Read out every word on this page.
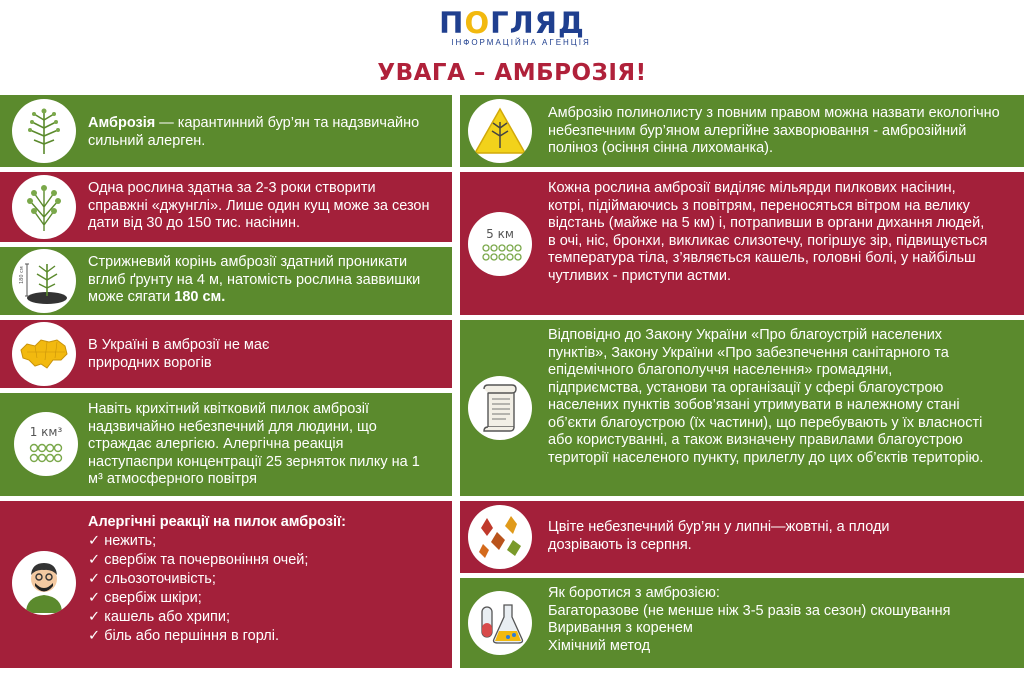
ПОГЛЯД
ІНФОРМАЦІЙНА АГЕНЦІЯ
УВАГА – АМБРОЗІЯ!
Амброзія — карантинний бур’ян та надзвичайно сильний алерген.
Одна рослина здатна за 2-3 роки створити справжні «джунглі». Лише один кущ може за сезон дати від 30 до 150 тис. насінин.
180 см
Стрижневий корінь амброзії здатний проникати вглиб ґрунту на 4 м, натомість рослина заввишки може сягати 180 см.
В Україні в амброзії не має природних ворогів
1 км³
Навіть крихітний квітковий пилок амброзії надзвичайно небезпечний для людини, що страждає алергією. Алергічна реакція наступаєпри концентрації 25 зерняток пилку на 1 м³ атмосферного повітря
Алергічні реакції на пилок амброзії:
✓ нежить;
✓ свербіж та почервоніння очей;
✓ сльозоточивість;
✓ свербіж шкіри;
✓ кашель або хрипи;
✓ біль або першіння в горлі.
Амброзію полинолисту з повним правом можна назвати екологічно небезпечним бур’яном алергійне захворювання - амброзійний поліноз (осіння сінна лихоманка).
5 км
Кожна рослина амброзії виділяє мільярди пилкових насінин, котрі, підіймаючись з повітрям, переносяться вітром на велику відстань (майже на 5 км) і, потрапивши в органи дихання людей, в очі, ніс, бронхи, викликає слизотечу, погіршує зір, підвищується температура тіла, з’являється кашель, головні болі, у найбільш чутливих - приступи астми.
Відповідно до Закону України «Про благоустрій населених пунктів», Закону України «Про забезпечення санітарного та епідемічного благополуччя населення» громадяни, підприємства, установи та організації у сфері благоустрою населених пунктів зобов’язані утримувати в належному стані об’єкти благоустрою (їх частини), що перебувають у їх власності або користуванні, а також визначену правилами благоустрою території населеного пункту, прилеглу до цих об’єктів територію.
Цвіте небезпечний бур’ян у липні—жовтні, а плоди дозрівають із серпня.
Як боротися з амброзією:
Багаторазове (не менше ніж 3-5 разів за сезон) скошування
Виривання з коренем
Хімічний метод
